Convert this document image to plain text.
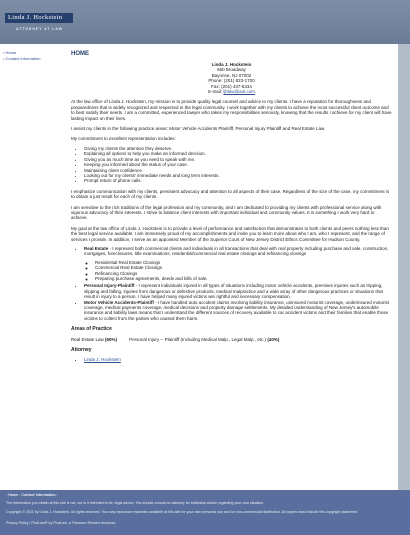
Linda J. Hockstein
ATTORNEY AT LAW
• Home
• Contact Information
HOME
Linda J. Hockstein
660 Broadway
Bayonne, NJ 07002
Phone: (201) 823-1700
Fax: (201) 437-5334
E-mail: ljhlaw@aol.com

At the law office of Linda J. Hockstein, my mission is to provide quality legal counsel and advice to my clients. I have a reputation for thoroughness and preparedness that is widely recognized and respected in the legal community. I work together with my clients to achieve the most successful client outcome and to best satisfy their needs. I am a committed, experienced lawyer who takes my responsibilities seriously, knowing that the results I achieve for my client will have lasting impact on their lives.

I assist my clients in the following practice areas: Motor Vehicle Accidents Plaintiff, Personal Injury Plaintiff and Real Estate Law.

My commitment to excellent representation includes:

• Giving my clients the attention they deserve.
• Explaining all options to help you make an informed decision.
• Giving you as much time as you need to speak with me.
• Keeping you informed about the status of your case.
• Maintaining client confidence.
• Looking out for my clients' immediate needs and long term interests.
• Prompt return of phone calls.

I emphasize communication with my clients, persistent advocacy and attention to all aspects of their case. Regardless of the size of the case, my commitment is to obtain a just result for each of my clients.

I am sensitive to the rich traditions of the legal profession and my community, and I am dedicated to providing my clients with professional service along with vigorous advocacy of their interests. I strive to balance client interests with important individual and community values. It is something I work very hard to achieve.

My goal at the law office of Linda J. Hockstein is to provide a level of performance and satisfaction that demonstrates to both clients and peers nothing less than the best legal service available. I am immensely proud of my accomplishments and invite you to learn more about who I am, who I represent, and the range of services I provide. In addition, I serve as an appointed Member of the Superior Court of New Jersey District Ethics Committee for Hudson County.

• Real Estate - I represent both commercial clients and individuals in all transactions that deal with real property including purchase and sale, construction, mortgages, foreclosures, title examinations, residential/commercial real estate closings and refinancing closings
◦ Residential Real Estate Closings
◦ Commercial Real Estate Closings
◦ Refinancing Closings
◦ Preparing purchase agreements, deeds and bills of sale.
• Personal Injury-Plaintiff - I represent individuals injured in all types of situations including motor vehicle accidents, premises injuries such as tripping, slipping and falling, injuries from dangerous or defective products, medical malpractice and a wide array of other dangerous practices or situations that result in injury to a person. I have helped many injured victims win rightful and necessary compensation.
• Motor Vehicle Accidents-Plaintiff - I have handled auto accident claims involving liability insurance, uninsured motorist coverage, underinsured motorist coverage, medical payments coverage, medical decisions and property damage settlements. My detailed understanding of New Jersey's automobile insurance and liability laws means that I understand the different sources of recovery available to car accident victims and their families that enable those victims to collect from the parties who caused them harm.
Areas of Practice
Real Estate Law (60%)	Personal Injury -- Plaintiff (Including Medical Malp., Legal Malp., etc.) (40%)
Attorney
• Linda J. Hockstein
: Home : Contact Information :
The information you obtain at this site is not, nor is it intended to be, legal advice. You should consult an attorney for individual advice regarding your own situation.
Copyright © 2011 by Linda J. Hockstein. All rights reserved. You may reproduce materials available at this site for your own personal use and for non-commercial distribution. All copies must include this copyright statement.
Privacy Policy | FindLaw® by FindLaw, a Thomson Reuters business
